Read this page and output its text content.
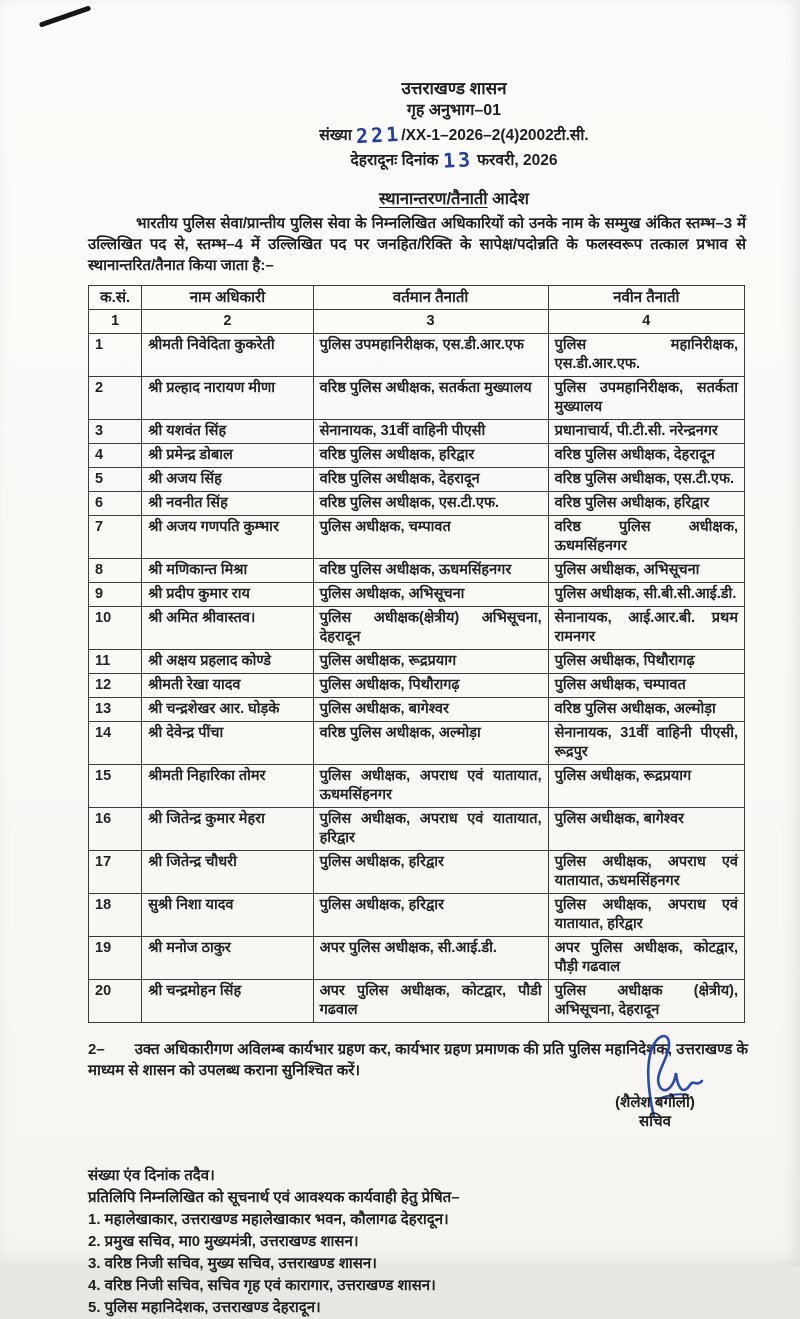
उत्तराखण्ड शासन
गृह अनुभाग–01
संख्या 221/XX-1–2026–2(4)2002टी.सी.
देहरादूनः दिनांक 13 फरवरी, 2026
स्थानान्तरण/तैनाती आदेश

भारतीय पुलिस सेवा/प्रान्तीय पुलिस सेवा के निम्नलिखित अधिकारियों को उनके नाम के सम्मुख अंकित स्तम्भ–3 में उल्लिखित पद से, स्तम्भ–4 में उल्लिखित पद पर जनहित/रिक्ति के सापेक्ष/पदोन्नति के फलस्वरूप तत्काल प्रभाव से स्थानान्तरित/तैनात किया जाता है:–

क.सं.	नाम अधिकारी	वर्तमान तैनाती	नवीन तैनाती
1	2	3	4
1	श्रीमती निवेदिता कुकरेती	पुलिस उपमहानिरीक्षक, एस.डी.आर.एफ	पुलिस महानिरीक्षक, एस.डी.आर.एफ.
2	श्री प्रल्हाद नारायण मीणा	वरिष्ठ पुलिस अधीक्षक, सतर्कता मुख्यालय	पुलिस उपमहानिरीक्षक, सतर्कता मुख्यालय
3	श्री यशवंत सिंह	सेनानायक, 31वीं वाहिनी पीएसी	प्रधानाचार्य, पी.टी.सी. नरेन्द्रनगर
4	श्री प्रमेन्द्र डोबाल	वरिष्ठ पुलिस अधीक्षक, हरिद्वार	वरिष्ठ पुलिस अधीक्षक, देहरादून
5	श्री अजय सिंह	वरिष्ठ पुलिस अधीक्षक, देहरादून	वरिष्ठ पुलिस अधीक्षक, एस.टी.एफ.
6	श्री नवनीत सिंह	वरिष्ठ पुलिस अधीक्षक, एस.टी.एफ.	वरिष्ठ पुलिस अधीक्षक, हरिद्वार
7	श्री अजय गणपति कुम्भार	पुलिस अधीक्षक, चम्पावत	वरिष्ठ पुलिस अधीक्षक, ऊधमसिंहनगर
8	श्री मणिकान्त मिश्रा	वरिष्ठ पुलिस अधीक्षक, ऊधमसिंहनगर	पुलिस अधीक्षक, अभिसूचना
9	श्री प्रदीप कुमार राय	पुलिस अधीक्षक, अभिसूचना	पुलिस अधीक्षक, सी.बी.सी.आई.डी.
10	श्री अमित श्रीवास्तव।	पुलिस अधीक्षक(क्षेत्रीय) अभिसूचना, देहरादून	सेनानायक, आई.आर.बी. प्रथम रामनगर
11	श्री अक्षय प्रहलाद कोण्डे	पुलिस अधीक्षक, रूद्रप्रयाग	पुलिस अधीक्षक, पिथौरागढ़
12	श्रीमती रेखा यादव	पुलिस अधीक्षक, पिथौरागढ़	पुलिस अधीक्षक, चम्पावत
13	श्री चन्द्रशेखर आर. घोड़के	पुलिस अधीक्षक, बागेश्वर	वरिष्ठ पुलिस अधीक्षक, अल्मोड़ा
14	श्री देवेन्द्र पींचा	वरिष्ठ पुलिस अधीक्षक, अल्मोड़ा	सेनानायक, 31वीं वाहिनी पीएसी, रूद्रपुर
15	श्रीमती निहारिका तोमर	पुलिस अधीक्षक, अपराध एवं यातायात, ऊधमसिंहनगर	पुलिस अधीक्षक, रूद्रप्रयाग
16	श्री जितेन्द्र कुमार मेहरा	पुलिस अधीक्षक, अपराध एवं यातायात, हरिद्वार	पुलिस अधीक्षक, बागेश्वर
17	श्री जितेन्द्र चौधरी	पुलिस अधीक्षक, हरिद्वार	पुलिस अधीक्षक, अपराध एवं यातायात, ऊधमसिंहनगर
18	सुश्री निशा यादव	पुलिस अधीक्षक, हरिद्वार	पुलिस अधीक्षक, अपराध एवं यातायात, हरिद्वार
19	श्री मनोज ठाकुर	अपर पुलिस अधीक्षक, सी.आई.डी.	अपर पुलिस अधीक्षक, कोटद्वार, पौड़ी गढवाल
20	श्री चन्द्रमोहन सिंह	अपर पुलिस अधीक्षक, कोटद्वार, पौडी गढवाल	पुलिस अधीक्षक (क्षेत्रीय), अभिसूचना, देहरादून

2– उक्त अधिकारीगण अविलम्ब कार्यभार ग्रहण कर, कार्यभार ग्रहण प्रमाणक की प्रति पुलिस महानिदेशक, उत्तराखण्ड के माध्यम से शासन को उपलब्ध कराना सुनिश्चित करें।

(शैलेश बगौली)
सचिव
संख्या एंव दिनांक तदैव।
प्रतिलिपि निम्नलिखित को सूचनार्थ एवं आवश्यक कार्यवाही हेतु प्रेषित–
1. महालेखाकार, उत्तराखण्ड महालेखाकार भवन, कौलागढ देहरादून।
2. प्रमुख सचिव, मा0 मुख्यमंत्री, उत्तराखण्ड शासन।
3. वरिष्ठ निजी सचिव, मुख्य सचिव, उत्तराखण्ड शासन।
4. वरिष्ठ निजी सचिव, सचिव गृह एवं कारागार, उत्तराखण्ड शासन।
5. पुलिस महानिदेशक, उत्तराखण्ड देहरादून।
